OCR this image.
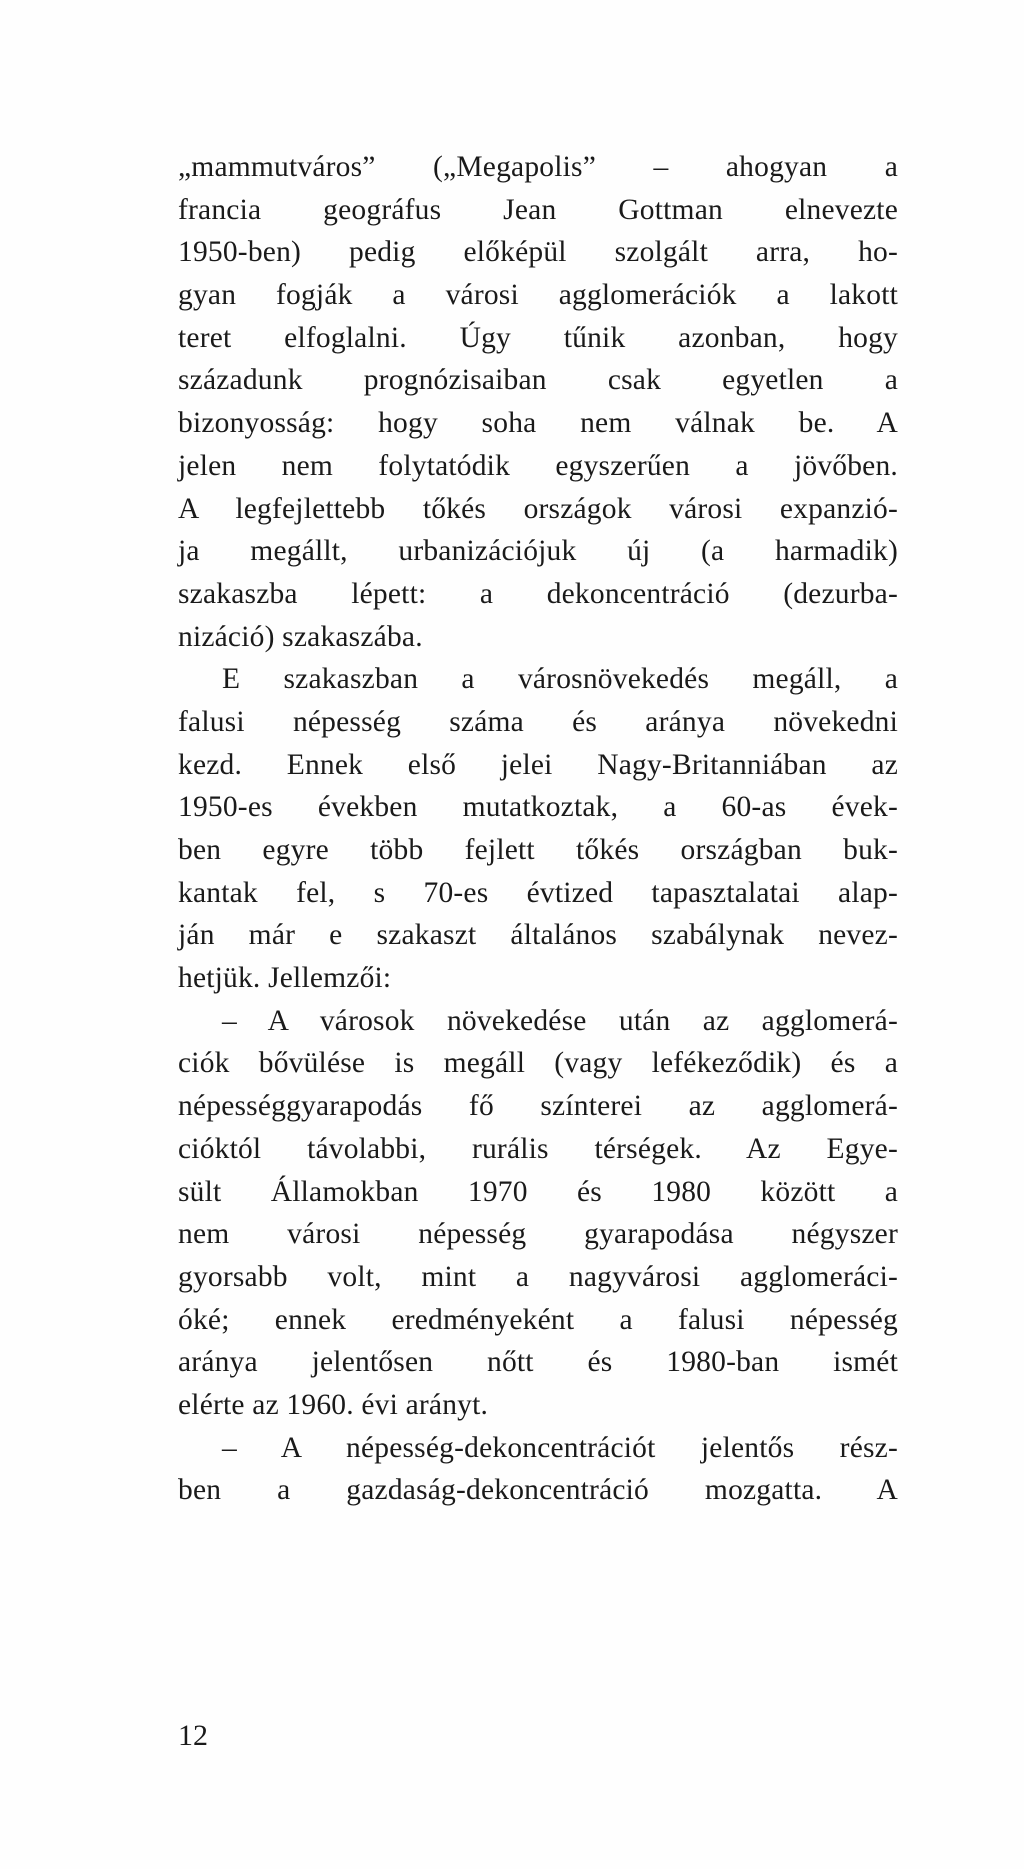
„mammutváros” („Megapolis” – ahogyan a
francia geográfus Jean Gottman elnevezte
1950-ben) pedig előképül szolgált arra, ho-
gyan fogják a városi agglomerációk a lakott
teret elfoglalni. Úgy tűnik azonban, hogy
századunk prognózisaiban csak egyetlen a
bizonyosság: hogy soha nem válnak be. A
jelen nem folytatódik egyszerűen a jövőben.
A legfejlettebb tőkés országok városi expanzió-
ja megállt, urbanizációjuk új (a harmadik)
szakaszba lépett: a dekoncentráció (dezurba-
nizáció) szakaszába.
E szakaszban a városnövekedés megáll, a
falusi népesség száma és aránya növekedni
kezd. Ennek első jelei Nagy-Britanniában az
1950-es években mutatkoztak, a 60-as évek-
ben egyre több fejlett tőkés országban buk-
kantak fel, s 70-es évtized tapasztalatai alap-
ján már e szakaszt általános szabálynak nevez-
hetjük. Jellemzői:
– A városok növekedése után az agglomerá-
ciók bővülése is megáll (vagy lefékeződik) és a
népességgyarapodás fő színterei az agglomerá-
cióktól távolabbi, rurális térségek. Az Egye-
sült Államokban 1970 és 1980 között a
nem városi népesség gyarapodása négyszer
gyorsabb volt, mint a nagyvárosi agglomeráci-
óké; ennek eredményeként a falusi népesség
aránya jelentősen nőtt és 1980-ban ismét
elérte az 1960. évi arányt.
– A népesség-dekoncentrációt jelentős rész-
ben a gazdaság-dekoncentráció mozgatta. A
12
